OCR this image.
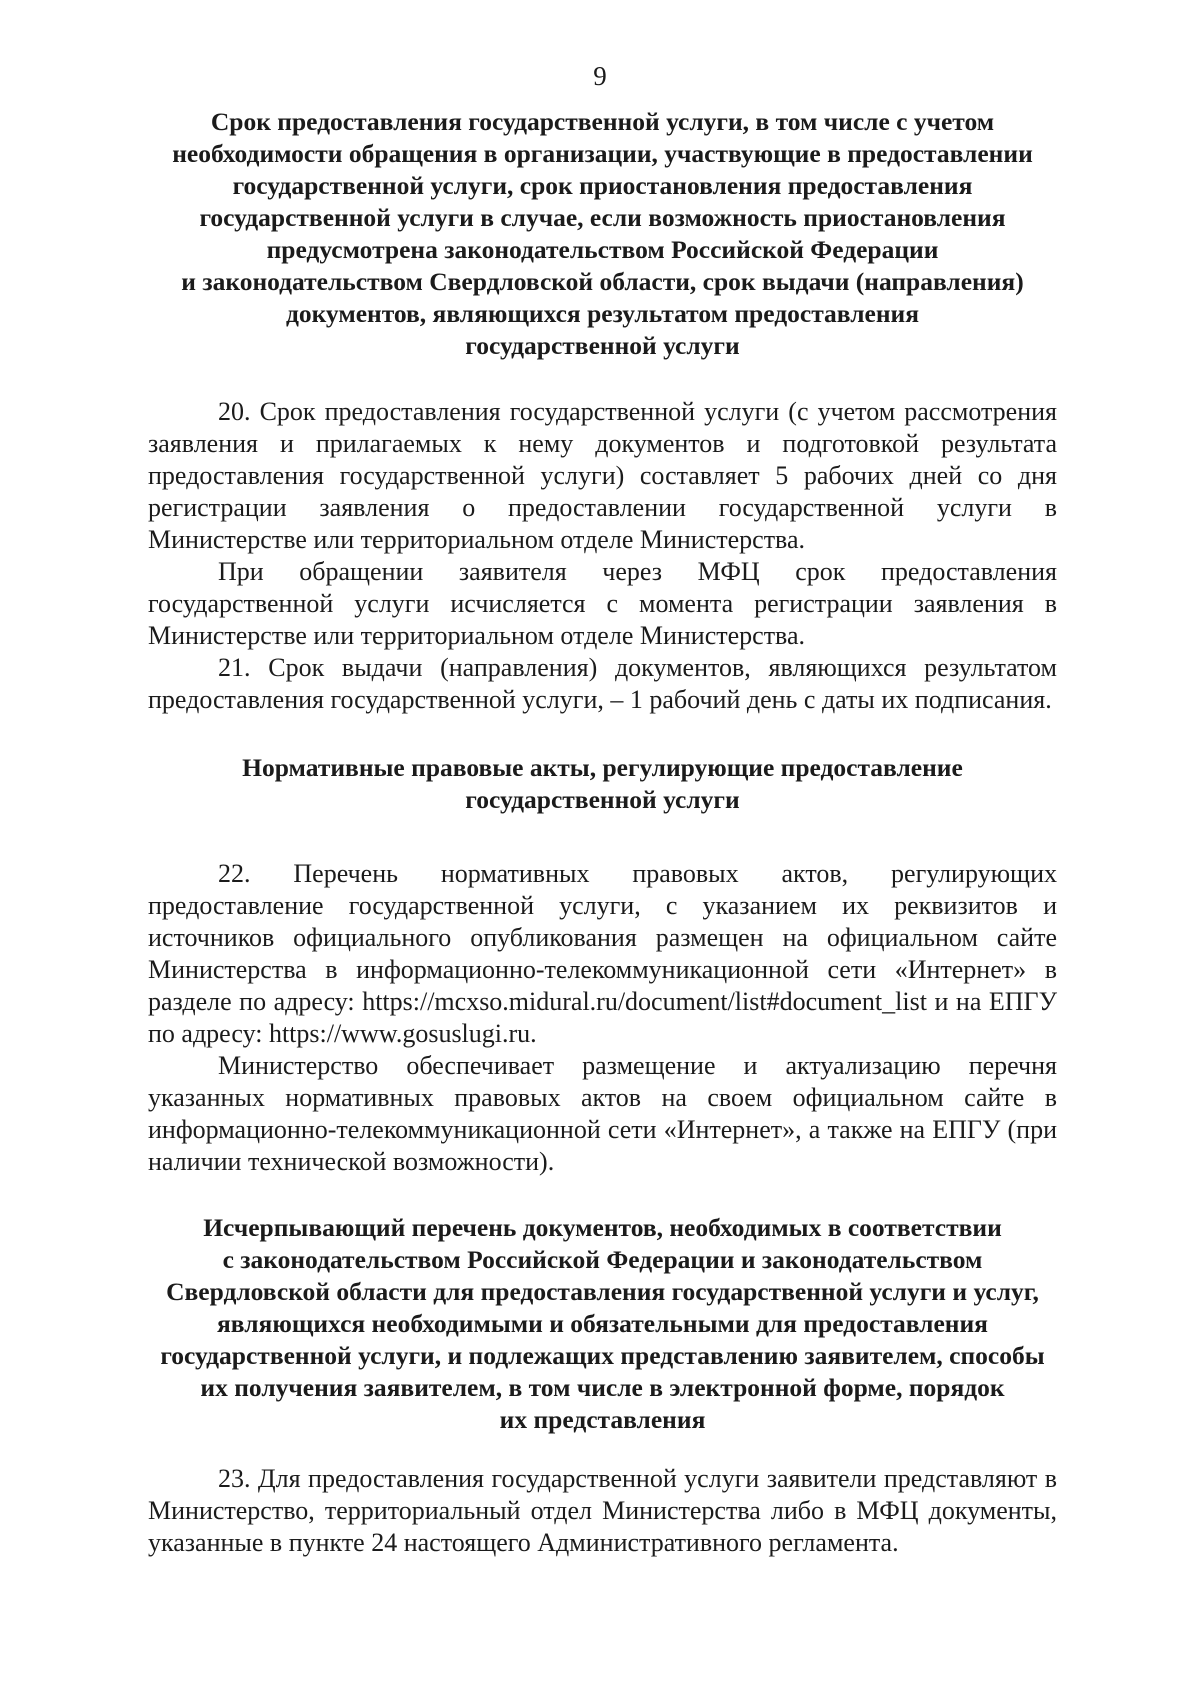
9
Срок предоставления государственной услуги, в том числе с учетом
необходимости обращения в организации, участвующие в предоставлении
государственной услуги, срок приостановления предоставления
государственной услуги в случае, если возможность приостановления
предусмотрена законодательством Российской Федерации
и законодательством Свердловской области, срок выдачи (направления)
документов, являющихся результатом предоставления
государственной услуги

20. Срок предоставления государственной услуги (с учетом рассмотрения заявления и прилагаемых к нему документов и подготовкой результата предоставления государственной услуги) составляет 5 рабочих дней со дня регистрации заявления о предоставлении государственной услуги в Министерстве или территориальном отделе Министерства.

При обращении заявителя через МФЦ срок предоставления государственной услуги исчисляется с момента регистрации заявления в Министерстве или территориальном отделе Министерства.

21. Срок выдачи (направления) документов, являющихся результатом предоставления государственной услуги, – 1 рабочий день с даты их подписания.

Нормативные правовые акты, регулирующие предоставление
государственной услуги

22. Перечень нормативных правовых актов, регулирующих предоставление государственной услуги, с указанием их реквизитов и источников официального опубликования размещен на официальном сайте Министерства в информационно-телекоммуникационной сети «Интернет» в разделе по адресу: https://mcxso.midural.ru/document/list#document_list и на ЕПГУ по адресу: https://www.gosuslugi.ru.

Министерство обеспечивает размещение и актуализацию перечня указанных нормативных правовых актов на своем официальном сайте в информационно-телекоммуникационной сети «Интернет», а также на ЕПГУ (при наличии технической возможности).

Исчерпывающий перечень документов, необходимых в соответствии
с законодательством Российской Федерации и законодательством
Свердловской области для предоставления государственной услуги и услуг,
являющихся необходимыми и обязательными для предоставления
государственной услуги, и подлежащих представлению заявителем, способы
их получения заявителем, в том числе в электронной форме, порядок
их представления

23. Для предоставления государственной услуги заявители представляют в Министерство, территориальный отдел Министерства либо в МФЦ документы, указанные в пункте 24 настоящего Административного регламента.
